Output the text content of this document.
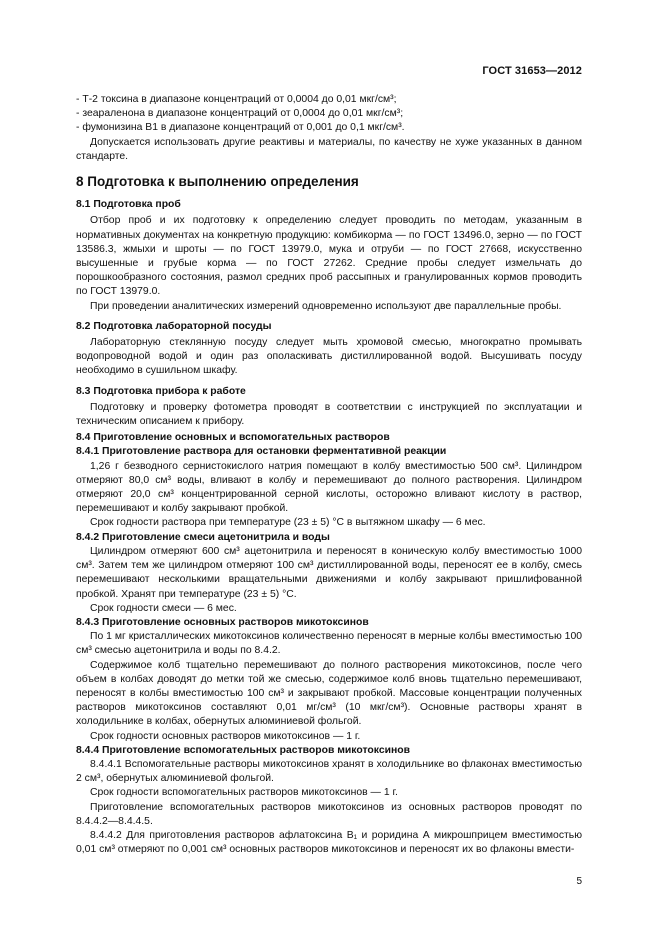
ГОСТ 31653—2012

- Т-2 токсина в диапазоне концентраций от 0,0004 до 0,01 мкг/см³;

- зеараленона в диапазоне концентраций от 0,0004 до 0,01 мкг/см³;

- фумонизина В1 в диапазоне концентраций от 0,001 до 0,1 мкг/см³.

Допускается использовать другие реактивы и материалы, по качеству не хуже указанных в данном стандарте.

8 Подготовка к выполнению определения

8.1 Подготовка проб

Отбор проб и их подготовку к определению следует проводить по методам, указанным в нормативных документах на конкретную продукцию: комбикорма — по ГОСТ 13496.0, зерно — по ГОСТ 13586.3, жмыхи и шроты — по ГОСТ 13979.0, мука и отруби — по ГОСТ 27668, искусственно высушенные и грубые корма — по ГОСТ 27262. Средние пробы следует измельчать до порошкообразного состояния, размол средних проб рассыпных и гранулированных кормов проводить по ГОСТ 13979.0.

При проведении аналитических измерений одновременно используют две параллельные пробы.

8.2 Подготовка лабораторной посуды

Лабораторную стеклянную посуду следует мыть хромовой смесью, многократно промывать водопроводной водой и один раз ополаскивать дистиллированной водой. Высушивать посуду необходимо в сушильном шкафу.

8.3 Подготовка прибора к работе

Подготовку и проверку фотометра проводят в соответствии с инструкцией по эксплуатации и техническим описанием к прибору.

8.4 Приготовление основных и вспомогательных растворов

8.4.1 Приготовление раствора для остановки ферментативной реакции

1,26 г безводного сернистокислого натрия помещают в колбу вместимостью 500 см³. Цилиндром отмеряют 80,0 см³ воды, вливают в колбу и перемешивают до полного растворения. Цилиндром отмеряют 20,0 см³ концентрированной серной кислоты, осторожно вливают кислоту в раствор, перемешивают и колбу закрывают пробкой.

Срок годности раствора при температуре (23 ± 5) °С в вытяжном шкафу — 6 мес.

8.4.2 Приготовление смеси ацетонитрила и воды

Цилиндром отмеряют 600 см³ ацетонитрила и переносят в коническую колбу вместимостью 1000 см³. Затем тем же цилиндром отмеряют 100 см³ дистиллированной воды, переносят ее в колбу, смесь перемешивают несколькими вращательными движениями и колбу закрывают пришлифованной пробкой. Хранят при температуре (23 ± 5) °С.

Срок годности смеси — 6 мес.

8.4.3 Приготовление основных растворов микотоксинов

По 1 мг кристаллических микотоксинов количественно переносят в мерные колбы вместимостью 100 см³ смесью ацетонитрила и воды по 8.4.2.

Содержимое колб тщательно перемешивают до полного растворения микотоксинов, после чего объем в колбах доводят до метки той же смесью, содержимое колб вновь тщательно перемешивают, переносят в колбы вместимостью 100 см³ и закрывают пробкой. Массовые концентрации полученных растворов микотоксинов составляют 0,01 мг/см³ (10 мкг/см³). Основные растворы хранят в холодильнике в колбах, обернутых алюминиевой фольгой.

Срок годности основных растворов микотоксинов — 1 г.

8.4.4 Приготовление вспомогательных растворов микотоксинов

8.4.4.1 Вспомогательные растворы микотоксинов хранят в холодильнике во флаконах вместимостью 2 см³, обернутых алюминиевой фольгой.

Срок годности вспомогательных растворов микотоксинов — 1 г.

Приготовление вспомогательных растворов микотоксинов из основных растворов проводят по 8.4.4.2—8.4.4.5.

8.4.4.2 Для приготовления растворов афлатоксина В₁ и роридина А микрошприцем вместимостью 0,01 см³ отмеряют по 0,001 см³ основных растворов микотоксинов и переносят их во флаконы вмести-

5
